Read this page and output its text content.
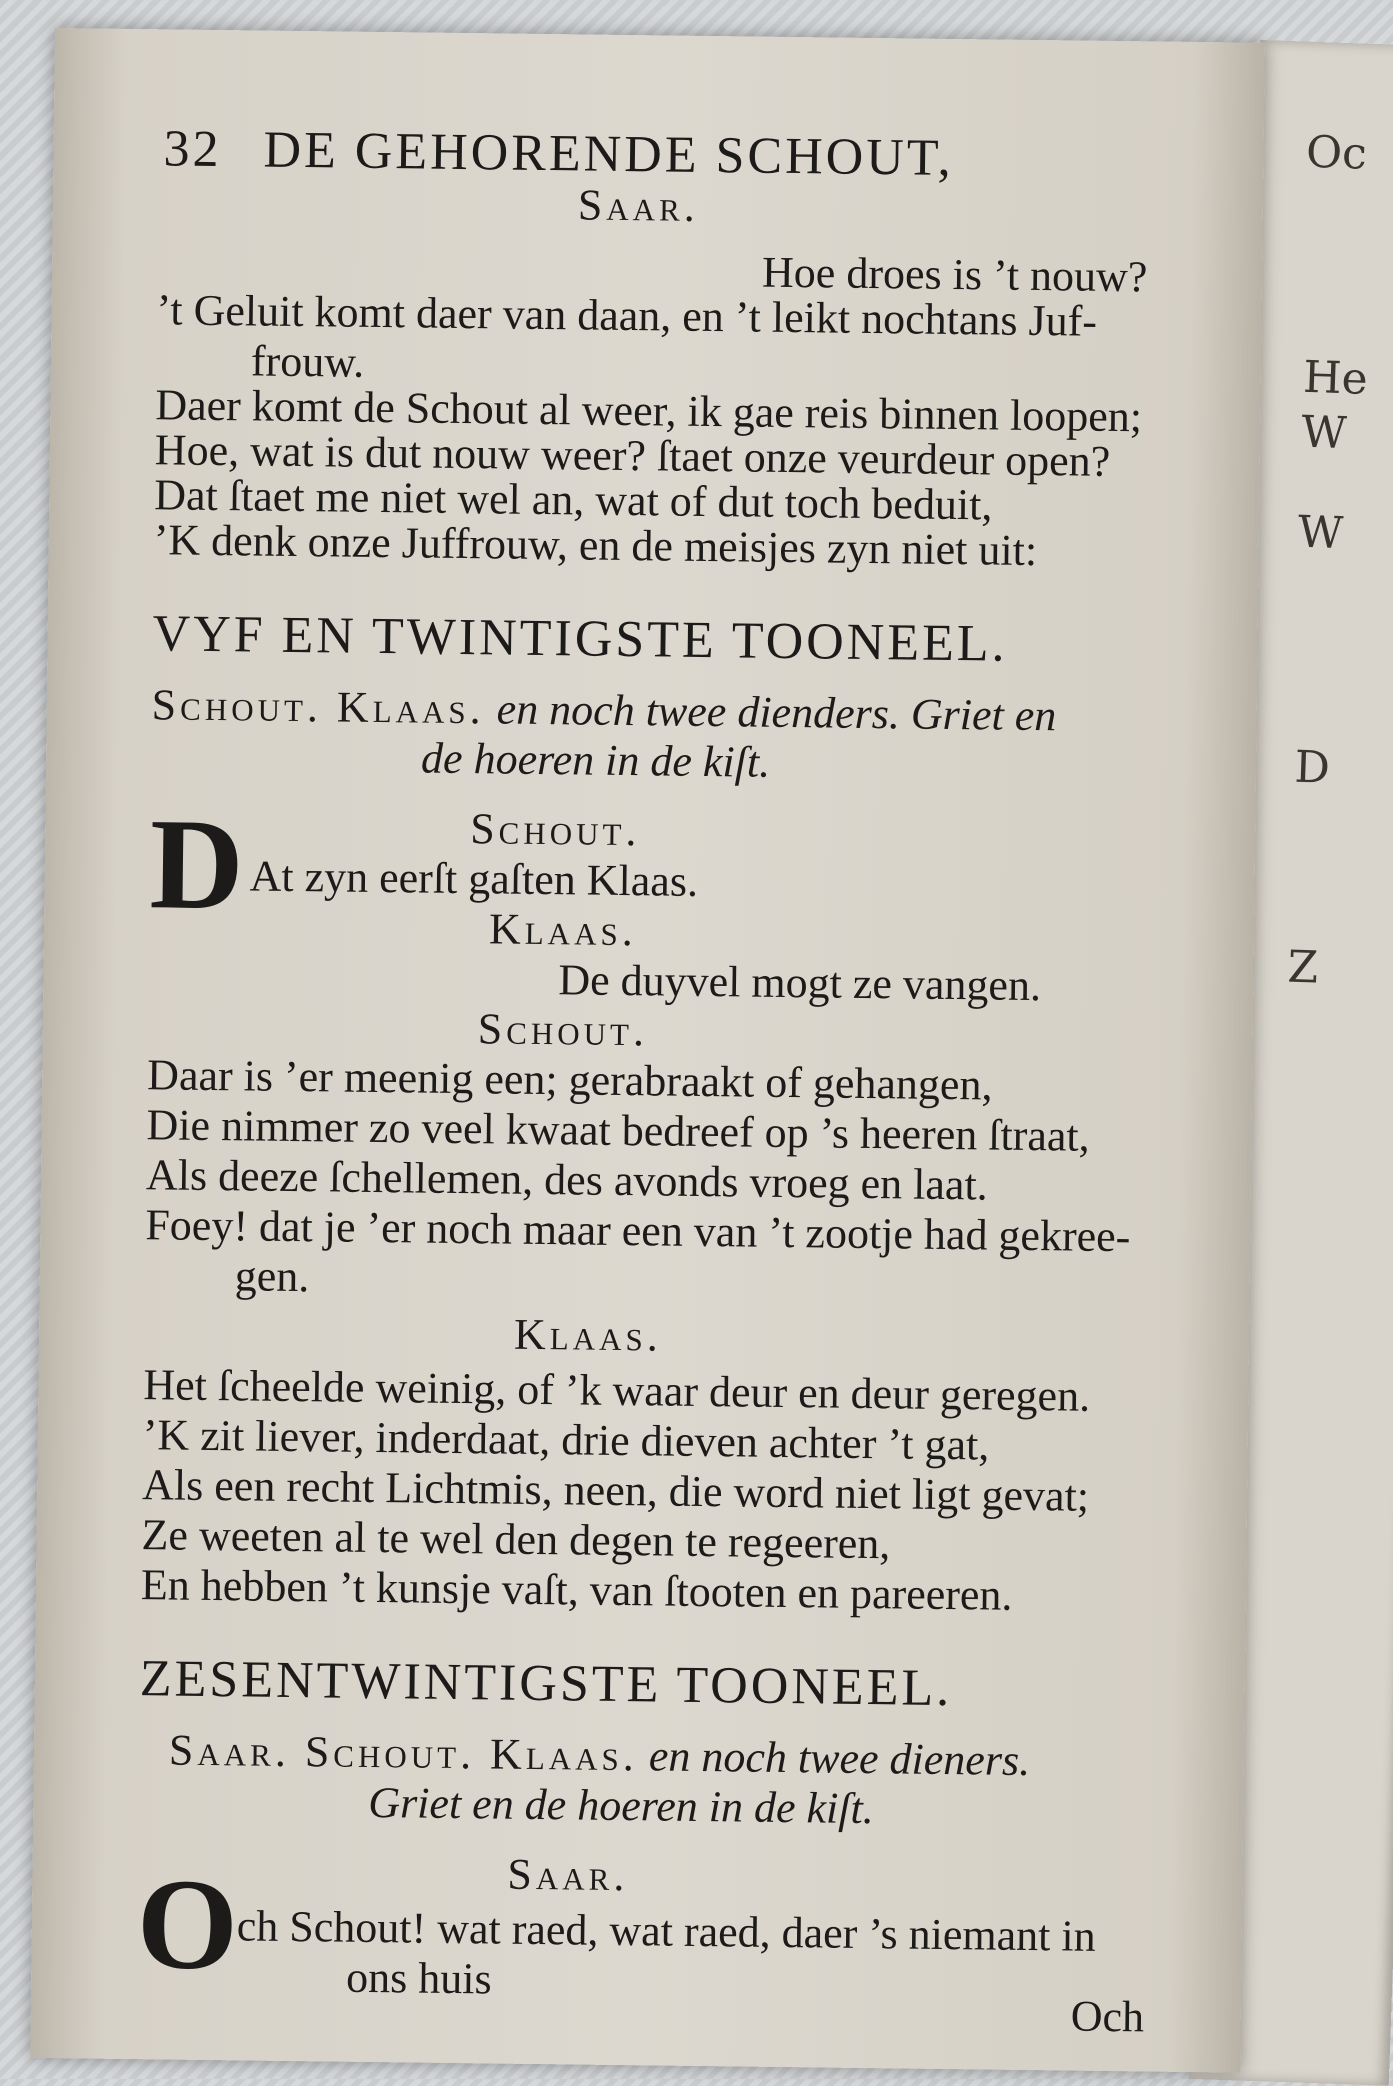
Oc
He
W
W
D
Z
32 DE GEHORENDE SCHOUT,
Saar.
Hoe droes is ’t nouw?
’t Geluit komt daer van daan, en ’t leikt nochtans Juf-
frouw.
Daer komt de Schout al weer, ik gae reis binnen loopen;
Hoe, wat is dut nouw weer? ſtaet onze veurdeur open?
Dat ſtaet me niet wel an, wat of dut toch beduit,
’K denk onze Juffrouw, en de meisjes zyn niet uit:
VYF EN TWINTIGSTE TOONEEL.
Schout. Klaas. en noch twee dienders. Griet en
de hoeren in de kiſt.
Schout.
D At zyn eerſt gaſten Klaas.
Klaas.
De duyvel mogt ze vangen.
Schout.
Daar is ’er meenig een; gerabraakt of gehangen,
Die nimmer zo veel kwaat bedreef op ’s heeren ſtraat,
Als deeze ſchellemen, des avonds vroeg en laat.
Foey! dat je ’er noch maar een van ’t zootje had gekree-
gen.
Klaas.
Het ſcheelde weinig, of ’k waar deur en deur geregen.
’K zit liever, inderdaat, drie dieven achter ’t gat,
Als een recht Lichtmis, neen, die word niet ligt gevat;
Ze weeten al te wel den degen te regeeren,
En hebben ’t kunsje vaſt, van ſtooten en pareeren.
ZESENTWINTIGSTE TOONEEL.
Saar. Schout. Klaas. en noch twee dieners.
Griet en de hoeren in de kiſt.
Saar.
O
ch Schout! wat raed, wat raed, daer ’s niemant in
ons huis
Och
